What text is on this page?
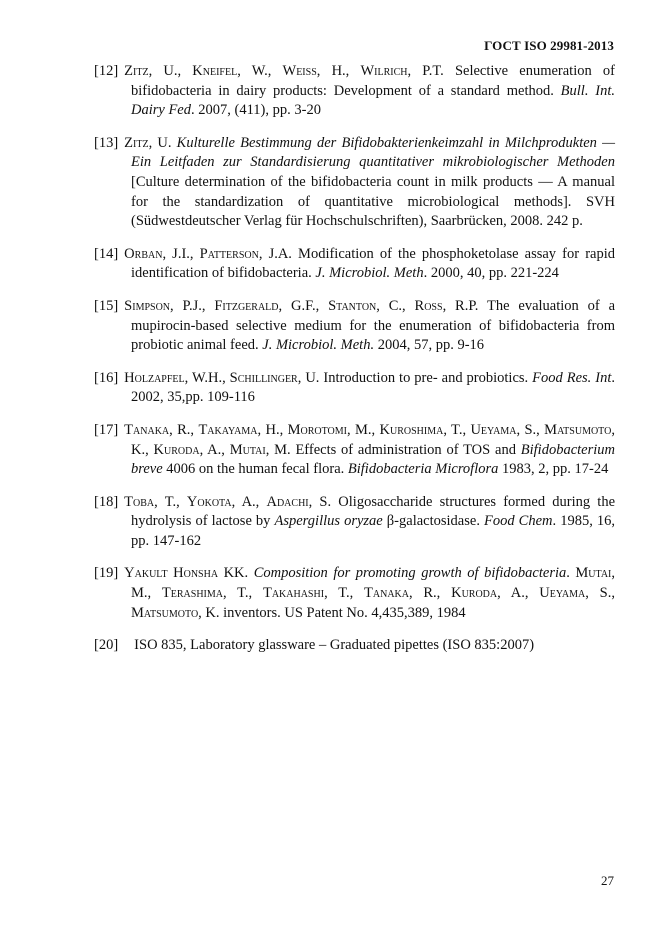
ГОСТ ISO 29981-2013
[12] Zitz, U., Kneifel, W., Weiss, H., Wilrich, P.T. Selective enumeration of bifidobacteria in dairy products: Development of a standard method. Bull. Int. Dairy Fed. 2007, (411), pp. 3-20
[13] Zitz, U. Kulturelle Bestimmung der Bifidobakterienkeimzahl in Milchprodukten — Ein Leitfaden zur Standardisierung quantitativer mikrobiologischer Methoden [Culture determination of the bifidobacteria count in milk products — A manual for the standardization of quantitative microbiological methods]. SVH (Südwestdeutscher Verlag für Hochschulschriften), Saarbrücken, 2008. 242 p.
[14] Orban, J.I., Patterson, J.A. Modification of the phosphoketolase assay for rapid identification of bifidobacteria. J. Microbiol. Meth. 2000, 40, pp. 221-224
[15] Simpson, P.J., Fitzgerald, G.F., Stanton, C., Ross, R.P. The evaluation of a mupirocin-based selective medium for the enumeration of bifidobacteria from probiotic animal feed. J. Microbiol. Meth. 2004, 57, pp. 9-16
[16] Holzapfel, W.H., Schillinger, U. Introduction to pre- and probiotics. Food Res. Int. 2002, 35,pp. 109-116
[17] Tanaka, R., Takayama, H., Morotomi, M., Kuroshima, T., Ueyama, S., Matsumoto, K., Kuroda, A., Mutai, M. Effects of administration of TOS and Bifidobacterium breve 4006 on the human fecal flora. Bifidobacteria Microflora 1983, 2, pp. 17-24
[18] Toba, T., Yokota, A., Adachi, S. Oligosaccharide structures formed during the hydrolysis of lactose by Aspergillus oryzae β-galactosidase. Food Chem. 1985, 16, pp. 147-162
[19] Yakult Honsha KK. Composition for promoting growth of bifidobacteria. Mutai, M., Terashima, T., Takahashi, T., Tanaka, R., Kuroda, A., Ueyama, S., Matsumoto, K. inventors. US Patent No. 4,435,389, 1984
[20] ISO 835, Laboratory glassware – Graduated pipettes (ISO 835:2007)
27
